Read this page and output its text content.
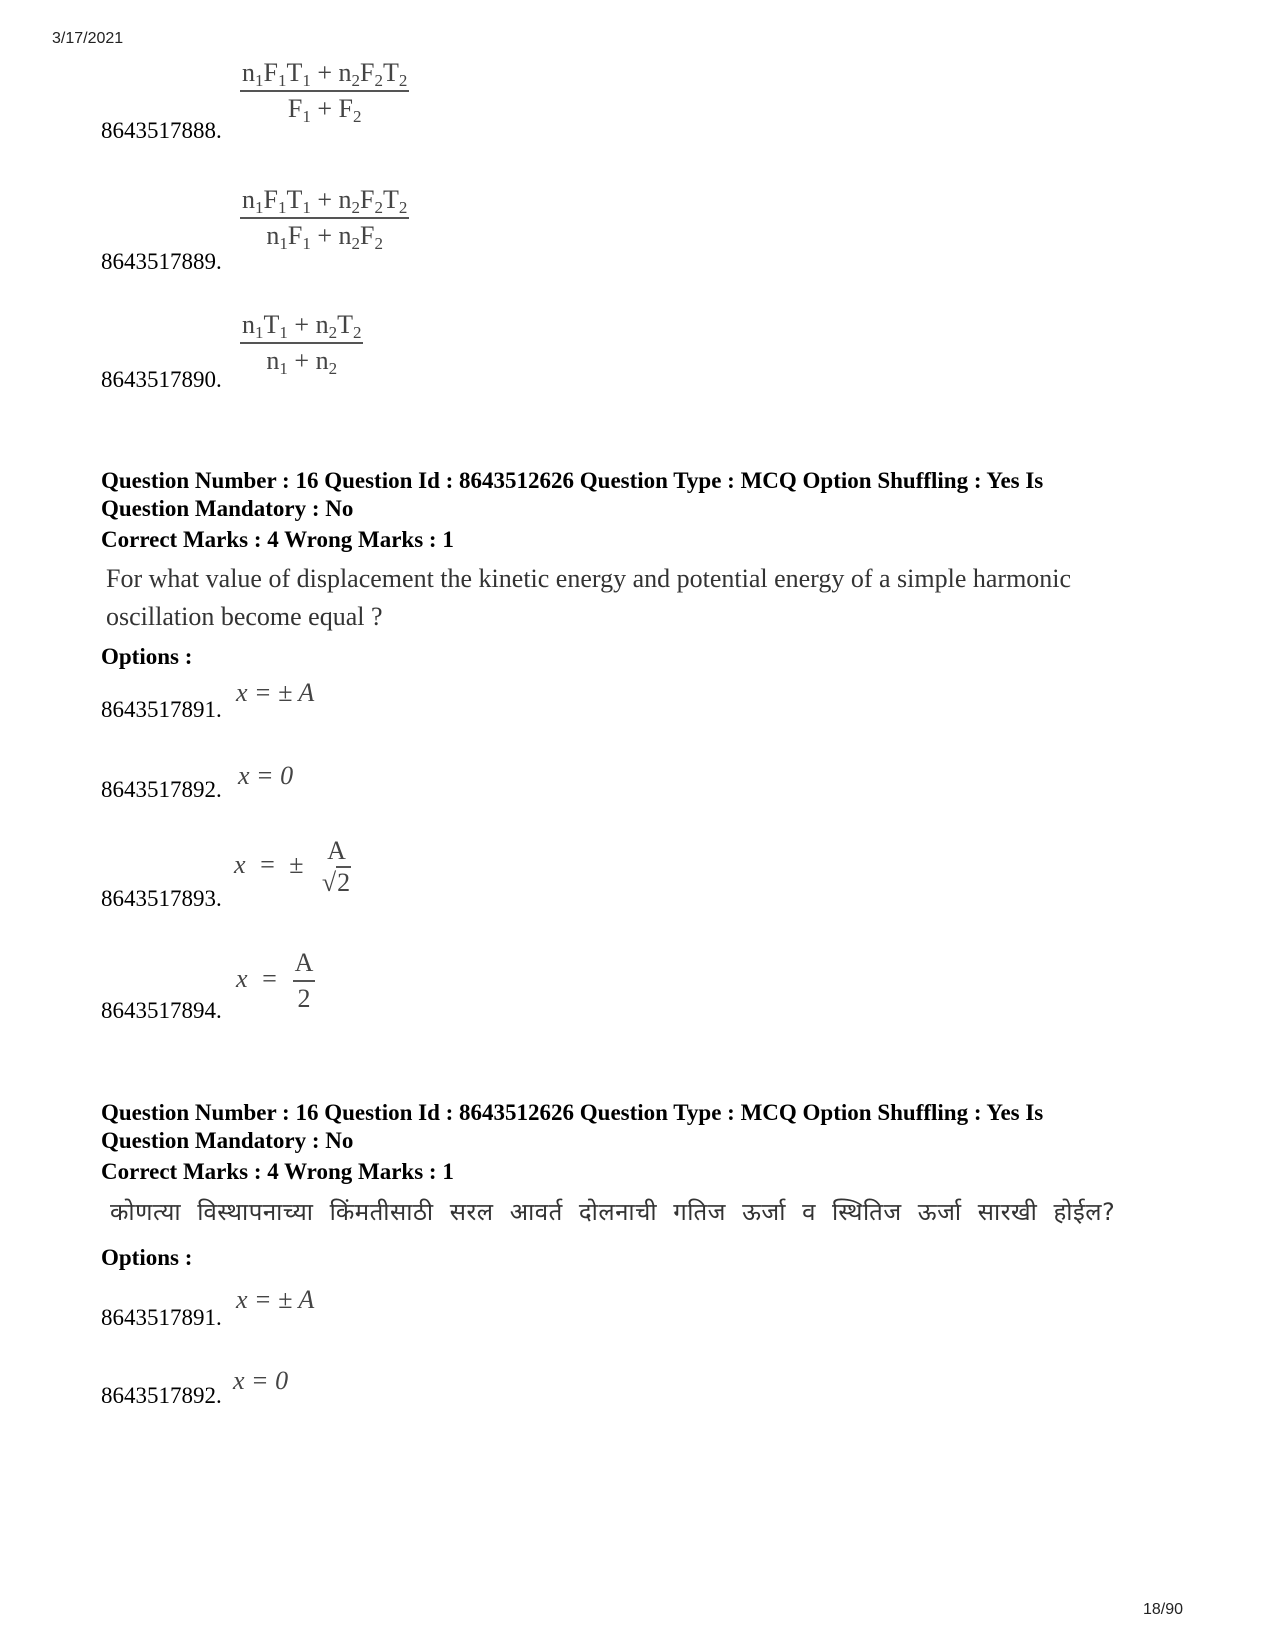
3/17/2021
18/90
8643517888.
$\frac{n_1F_1T_1 + n_2F_2T_2}{F_1 + F_2}$
8643517889.
$\frac{n_1F_1T_1 + n_2F_2T_2}{n_1F_1 + n_2F_2}$
8643517890.
$\frac{n_1T_1 + n_2T_2}{n_1 + n_2}$
Question Number : 16 Question Id : 8643512626 Question Type : MCQ Option Shuffling : Yes Is
Question Mandatory : No
Correct Marks : 4 Wrong Marks : 1
For what value of displacement the kinetic energy and potential energy of a simple harmonic
oscillation become equal ?
Options :
8643517891.
x = ± A
8643517892. x = 0
8643517893.
x  =  ± A
√2
8643517894.
$x = \frac{A}{2}$
Question Number : 16 Question Id : 8643512626 Question Type : MCQ Option Shuffling : Yes Is
Question Mandatory : No
Correct Marks : 4 Wrong Marks : 1
कोणत्या विस्थापनाच्या किंमतीसाठी सरल आवर्त दोलनाची गतिज ऊर्जा व स्थितिज ऊर्जा सारखी होईल?
Options :
8643517891.
x = ± A
8643517892.
x = 0
